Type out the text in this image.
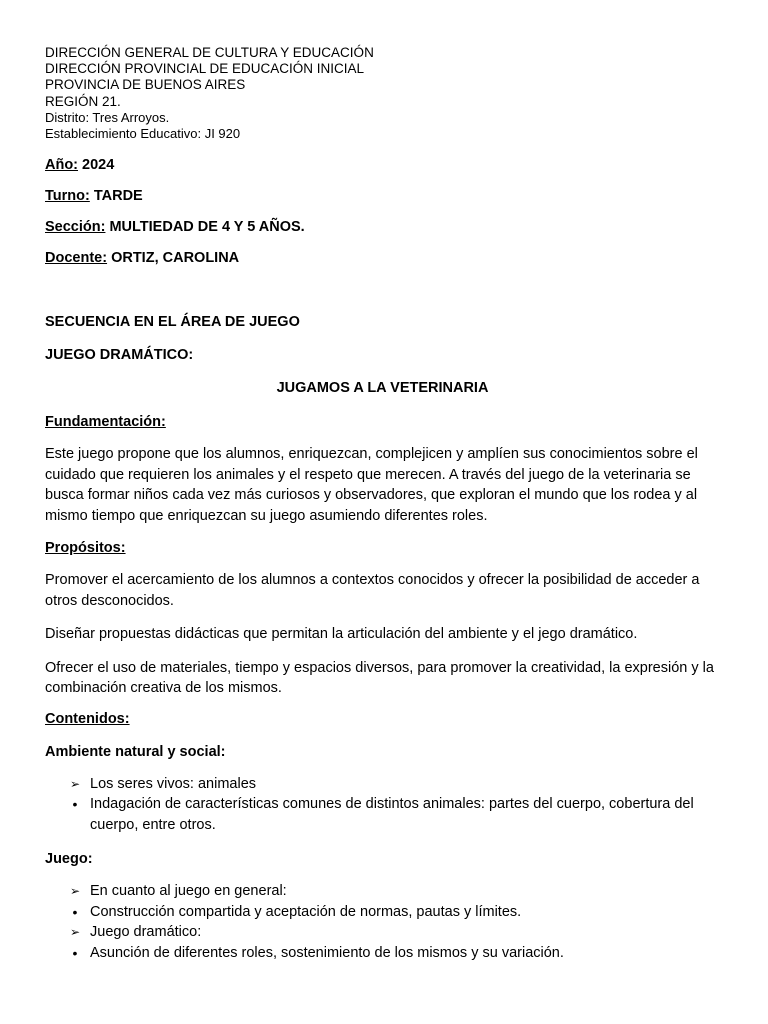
DIRECCIÓN GENERAL DE CULTURA Y EDUCACIÓN
DIRECCIÓN PROVINCIAL DE EDUCACIÓN INICIAL
PROVINCIA DE BUENOS AIRES
REGIÓN 21.
Distrito: Tres Arroyos.
Establecimiento Educativo: JI 920
Año: 2024
Turno: TARDE
Sección: MULTIEDAD DE 4 Y 5 AÑOS.
Docente: ORTIZ, CAROLINA
SECUENCIA EN EL ÁREA DE JUEGO
JUEGO DRAMÁTICO:
JUGAMOS A LA VETERINARIA
Fundamentación:
Este juego propone que los alumnos, enriquezcan, complejicen y amplíen sus conocimientos sobre el cuidado que requieren los animales y el respeto que merecen. A través del juego de la veterinaria se busca formar niños cada vez más curiosos y observadores, que exploran el mundo que los rodea y al mismo tiempo que enriquezcan su juego asumiendo diferentes roles.
Propósitos:
Promover el acercamiento de los alumnos a contextos conocidos y ofrecer la posibilidad de acceder a otros desconocidos.
Diseñar propuestas didácticas que permitan la articulación del ambiente y el jego dramático.
Ofrecer el uso de materiales, tiempo y espacios diversos, para promover la creatividad, la expresión y la combinación creativa de los mismos.
Contenidos:
Ambiente natural y social:
➢ Los seres vivos: animales
• Indagación de características comunes de distintos animales: partes del cuerpo, cobertura del cuerpo, entre otros.
Juego:
➢ En cuanto al juego en general:
• Construcción compartida y aceptación de normas, pautas y límites.
➢ Juego dramático:
• Asunción de diferentes roles, sostenimiento de los mismos y su variación.
